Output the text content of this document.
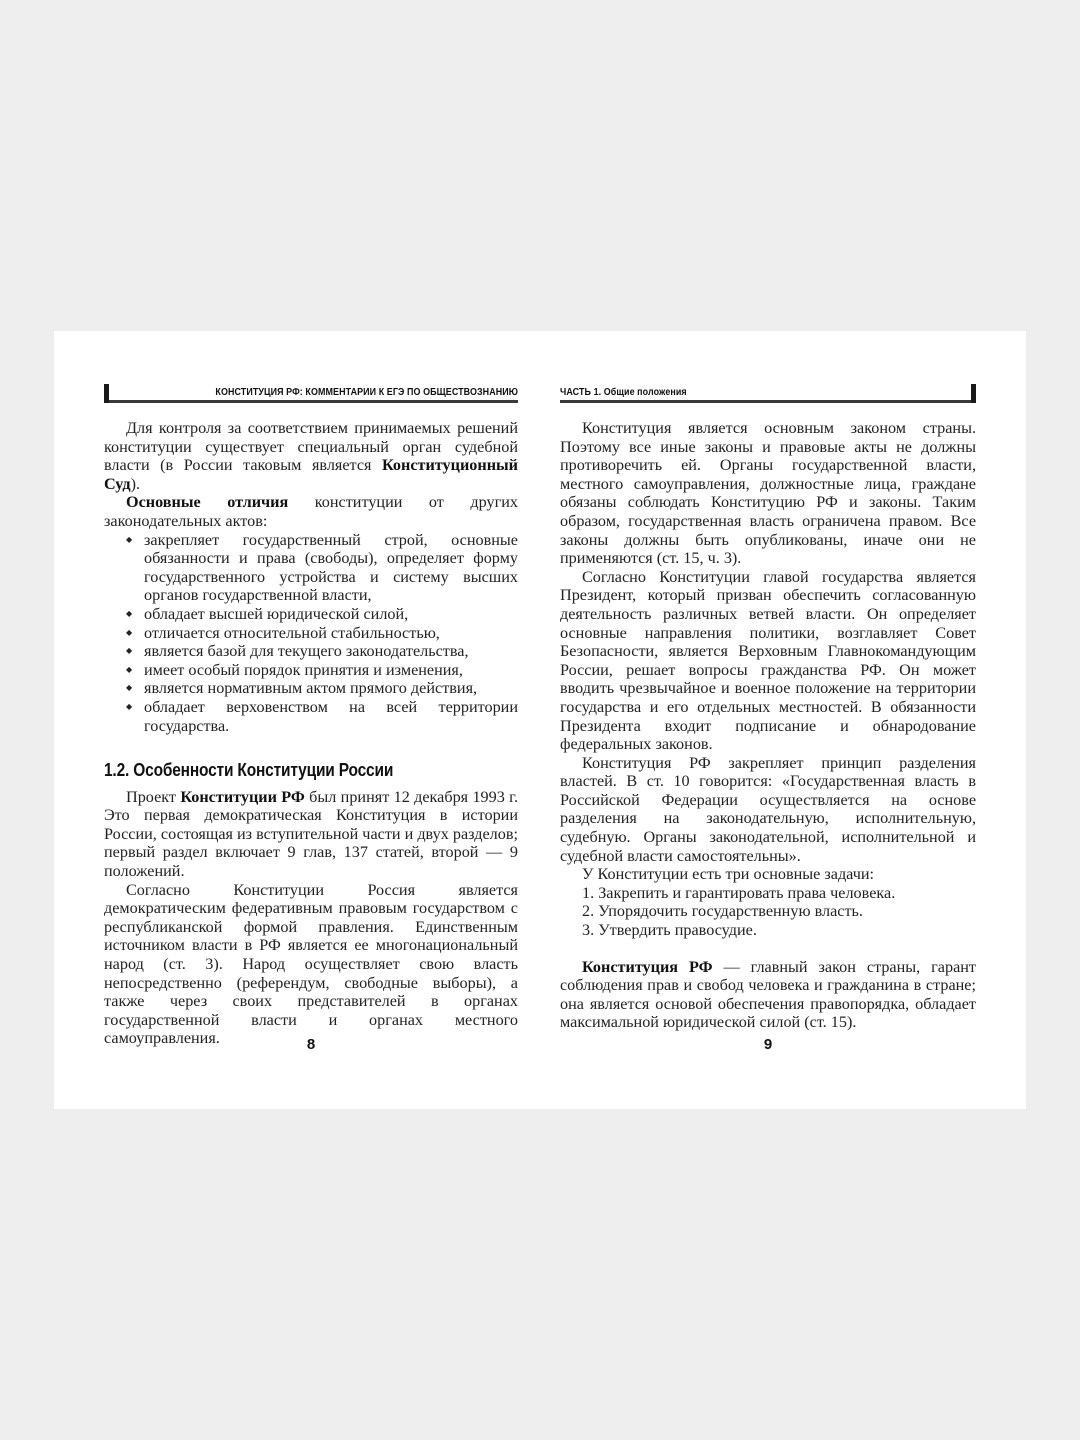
КОНСТИТУЦИЯ РФ: КОММЕНТАРИИ К ЕГЭ ПО ОБЩЕСТВОЗНАНИЮ

Для контроля за соответствием принимаемых решений конституции существует специальный орган судебной власти (в России таковым является Конституционный Суд).

Основные отличия конституции от других законодательных актов:

◆ закрепляет государственный строй, основные обязанности и права (свободы), определяет форму государственного устройства и систему высших органов государственной власти,
◆ обладает высшей юридической силой,
◆ отличается относительной стабильностью,
◆ является базой для текущего законодательства,
◆ имеет особый порядок принятия и изменения,
◆ является нормативным актом прямого действия,
◆ обладает верховенством на всей территории государства.
1.2. Особенности Конституции России

Проект Конституции РФ был принят 12 декабря 1993 г. Это первая демократическая Конституция в истории России, состоящая из вступительной части и двух разделов; первый раздел включает 9 глав, 137 статей, второй — 9 положений.

Согласно Конституции Россия является демократическим федеративным правовым государством с республиканской формой правления. Единственным источником власти в РФ является ее многонациональный народ (ст. 3). Народ осуществляет свою власть непосредственно (референдум, свободные выборы), а также через своих представителей в органах государственной власти и органах местного самоуправления.	8
ЧАСТЬ 1. Общие положения

Конституция является основным законом страны. Поэтому все иные законы и правовые акты не должны противоречить ей. Органы государственной власти, местного самоуправления, должностные лица, граждане обязаны соблюдать Конституцию РФ и законы. Таким образом, государственная власть ограничена правом. Все законы должны быть опубликованы, иначе они не применяются (ст. 15, ч. 3).

Согласно Конституции главой государства является Президент, который призван обеспечить согласованную деятельность различных ветвей власти. Он определяет основные направления политики, возглавляет Совет Безопасности, является Верховным Главнокомандующим России, решает вопросы гражданства РФ. Он может вводить чрезвычайное и военное положение на территории государства и его отдельных местностей. В обязанности Президента входит подписание и обнародование федеральных законов.

Конституция РФ закрепляет принцип разделения властей. В ст. 10 говорится: «Государственная власть в Российской Федерации осуществляется на основе разделения на законодательную, исполнительную, судебную. Органы законодательной, исполнительной и судебной власти самостоятельны».

У Конституции есть три основные задачи:

1. Закрепить и гарантировать права человека.
2. Упорядочить государственную власть.
3. Утвердить правосудие.

Конституция РФ — главный закон страны, гарант соблюдения прав и свобод человека и гражданина в стране; она является основой обеспечения правопорядка, обладает максимальной юридической силой (ст. 15).

9
